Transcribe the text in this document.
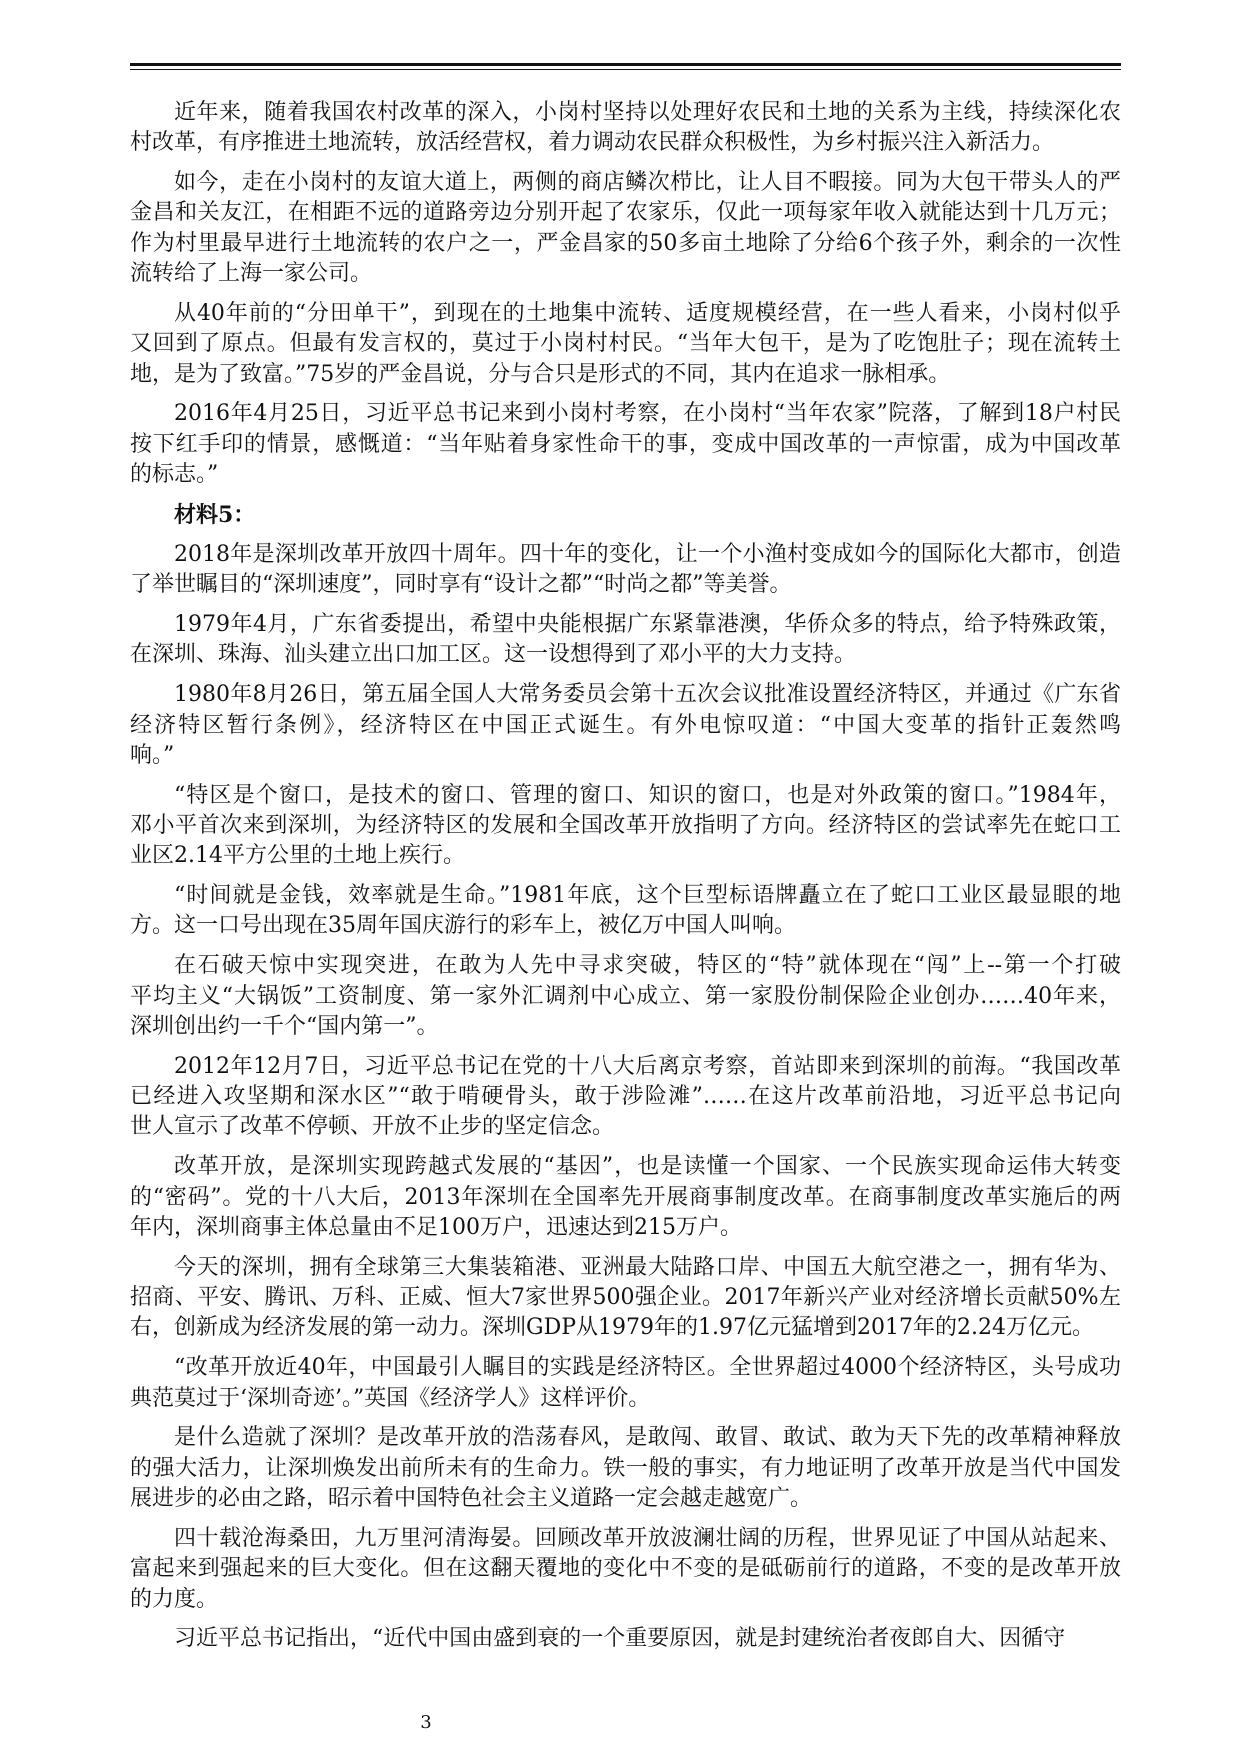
近年来，随着我国农村改革的深入，小岗村坚持以处理好农民和土地的关系为主线，持续深化农
村改革，有序推进土地流转，放活经营权，着力调动农民群众积极性，为乡村振兴注入新活力。
如今，走在小岗村的友谊大道上，两侧的商店鳞次栉比，让人目不暇接。同为大包干带头人的严
金昌和关友江，在相距不远的道路旁边分别开起了农家乐，仅此一项每家年收入就能达到十几万元；
作为村里最早进行土地流转的农户之一，严金昌家的50多亩土地除了分给6个孩子外，剩余的一次性
流转给了上海一家公司。
从40年前的“分田单干”，到现在的土地集中流转、适度规模经营，在一些人看来，小岗村似乎
又回到了原点。但最有发言权的，莫过于小岗村村民。“当年大包干，是为了吃饱肚子；现在流转土
地，是为了致富。”75岁的严金昌说，分与合只是形式的不同，其内在追求一脉相承。
2016年4月25日，习近平总书记来到小岗村考察，在小岗村“当年农家”院落，了解到18户村民
按下红手印的情景，感慨道：“当年贴着身家性命干的事，变成中国改革的一声惊雷，成为中国改革
的标志。”
材料5：
2018年是深圳改革开放四十周年。四十年的变化，让一个小渔村变成如今的国际化大都市，创造
了举世瞩目的“深圳速度”，同时享有“设计之都”“时尚之都”等美誉。
1979年4月，广东省委提出，希望中央能根据广东紧靠港澳，华侨众多的特点，给予特殊政策，
在深圳、珠海、汕头建立出口加工区。这一设想得到了邓小平的大力支持。
1980年8月26日，第五届全国人大常务委员会第十五次会议批准设置经济特区，并通过《广东省
经济特区暂行条例》，经济特区在中国正式诞生。有外电惊叹道：“中国大变革的指针正轰然鸣
响。”
“特区是个窗口，是技术的窗口、管理的窗口、知识的窗口，也是对外政策的窗口。”1984年，
邓小平首次来到深圳，为经济特区的发展和全国改革开放指明了方向。经济特区的尝试率先在蛇口工
业区2.14平方公里的土地上疾行。
“时间就是金钱，效率就是生命。”1981年底，这个巨型标语牌矗立在了蛇口工业区最显眼的地
方。这一口号出现在35周年国庆游行的彩车上，被亿万中国人叫响。
在石破天惊中实现突进，在敢为人先中寻求突破，特区的“特”就体现在“闯”上--第一个打破
平均主义“大锅饭”工资制度、第一家外汇调剂中心成立、第一家股份制保险企业创办……40年来，
深圳创出约一千个“国内第一”。
2012年12月7日，习近平总书记在党的十八大后离京考察，首站即来到深圳的前海。“我国改革
已经进入攻坚期和深水区”“敢于啃硬骨头，敢于涉险滩”……在这片改革前沿地，习近平总书记向
世人宣示了改革不停顿、开放不止步的坚定信念。
改革开放，是深圳实现跨越式发展的“基因”，也是读懂一个国家、一个民族实现命运伟大转变
的“密码”。党的十八大后，2013年深圳在全国率先开展商事制度改革。在商事制度改革实施后的两
年内，深圳商事主体总量由不足100万户，迅速达到215万户。
今天的深圳，拥有全球第三大集装箱港、亚洲最大陆路口岸、中国五大航空港之一，拥有华为、
招商、平安、腾讯、万科、正威、恒大7家世界500强企业。2017年新兴产业对经济增长贡献50%左
右，创新成为经济发展的第一动力。深圳GDP从1979年的1.97亿元猛增到2017年的2.24万亿元。
“改革开放近40年，中国最引人瞩目的实践是经济特区。全世界超过4000个经济特区，头号成功
典范莫过于‘深圳奇迹’。”英国《经济学人》这样评价。
是什么造就了深圳？是改革开放的浩荡春风，是敢闯、敢冒、敢试、敢为天下先的改革精神释放
的强大活力，让深圳焕发出前所未有的生命力。铁一般的事实，有力地证明了改革开放是当代中国发
展进步的必由之路，昭示着中国特色社会主义道路一定会越走越宽广。
四十载沧海桑田，九万里河清海晏。回顾改革开放波澜壮阔的历程，世界见证了中国从站起来、
富起来到强起来的巨大变化。但在这翻天覆地的变化中不变的是砥砺前行的道路，不变的是改革开放
的力度。
习近平总书记指出，“近代中国由盛到衰的一个重要原因，就是封建统治者夜郎自大、因循守
3
